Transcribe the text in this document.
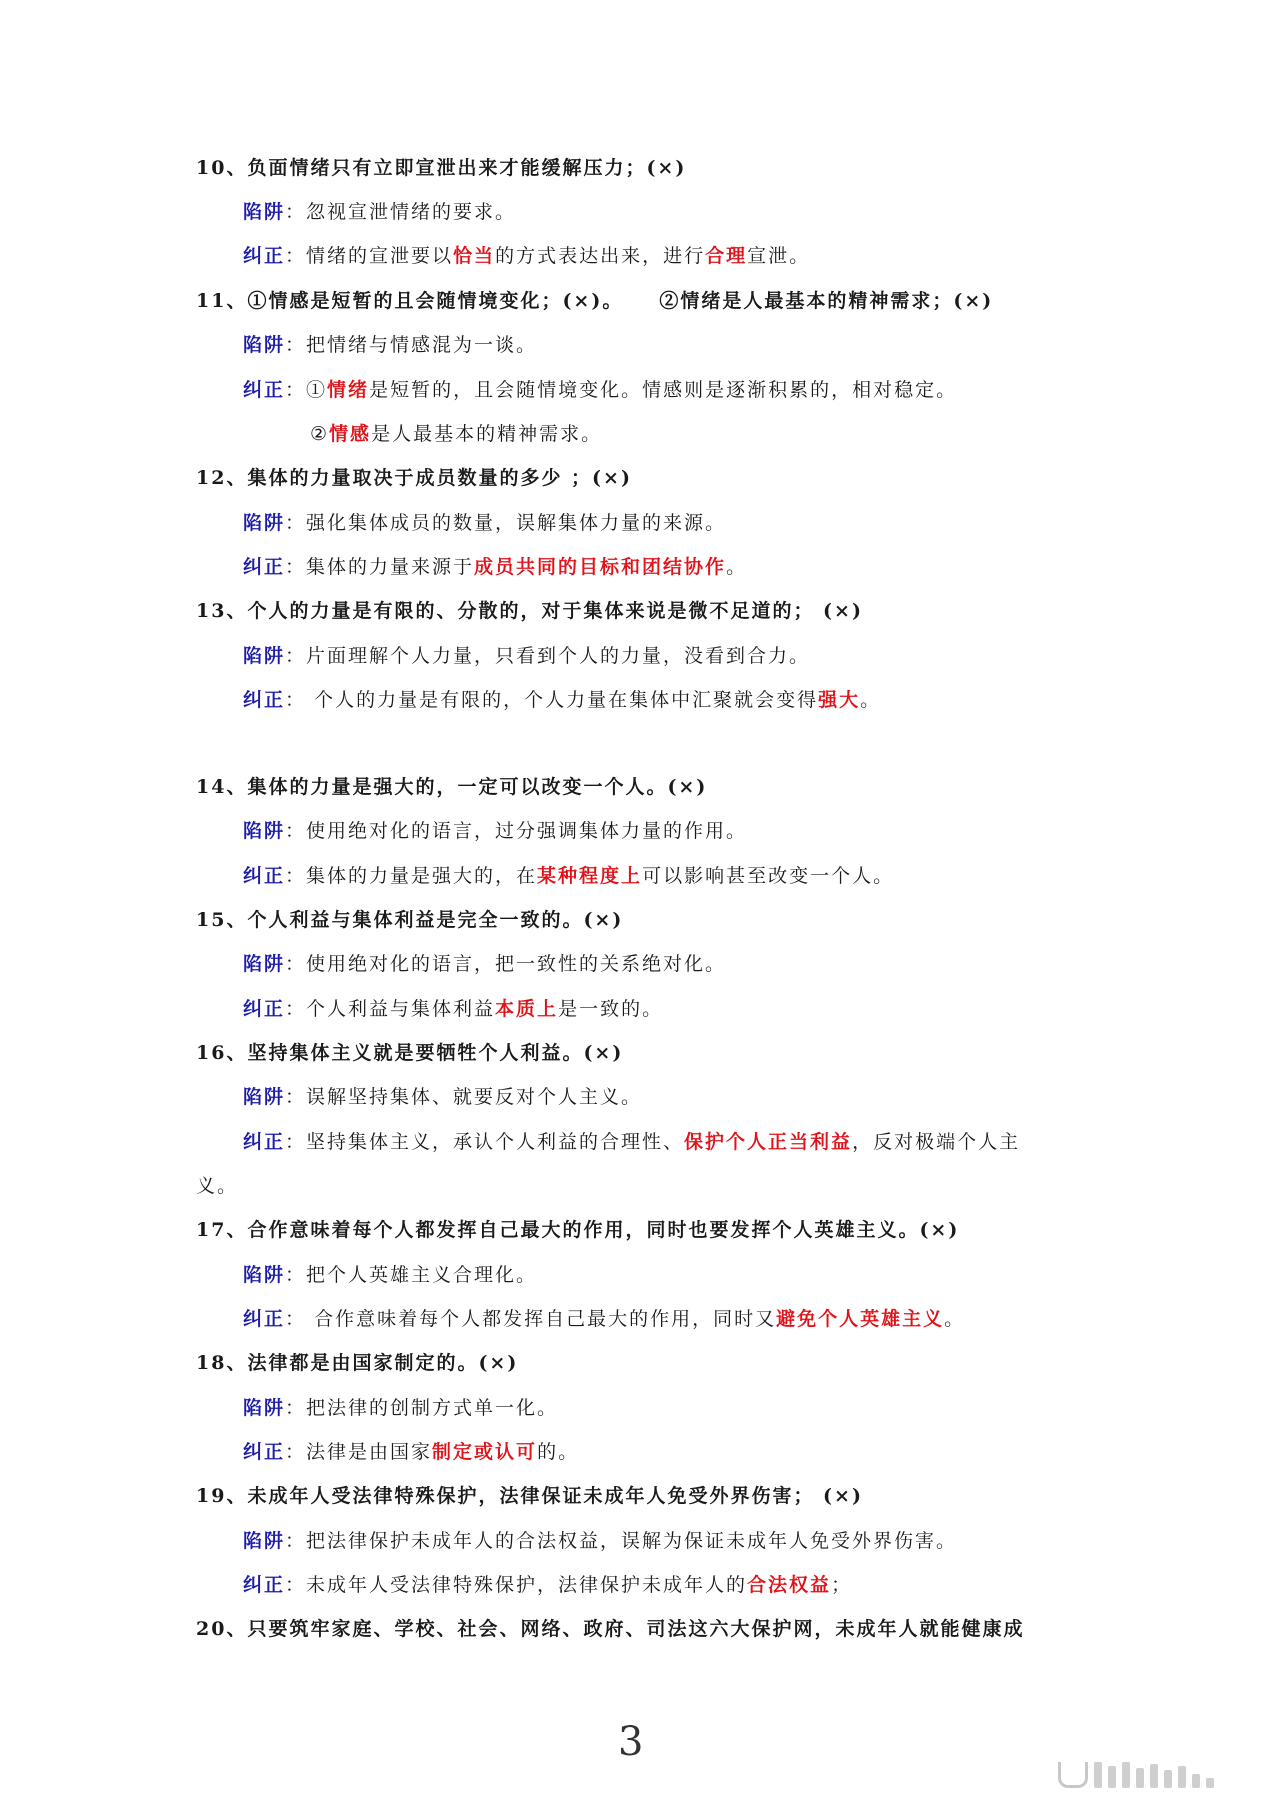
10、负面情绪只有立即宣泄出来才能缓解压力；(×)
陷阱：忽视宣泄情绪的要求。
纠正：情绪的宣泄要以恰当的方式表达出来，进行合理宣泄。
11、①情感是短暂的且会随情境变化；(×)。 ②情绪是人最基本的精神需求；(×)
陷阱：把情绪与情感混为一谈。
纠正：①情绪是短暂的，且会随情境变化。情感则是逐渐积累的，相对稳定。
②情感是人最基本的精神需求。
12、集体的力量取决于成员数量的多少 ；(×)
陷阱：强化集体成员的数量，误解集体力量的来源。
纠正：集体的力量来源于成员共同的目标和团结协作。
13、个人的力量是有限的、分散的，对于集体来说是微不足道的； (×)
陷阱：片面理解个人力量，只看到个人的力量，没看到合力。
纠正： 个人的力量是有限的，个人力量在集体中汇聚就会变得强大。
14、集体的力量是强大的，一定可以改变一个人。(×)
陷阱：使用绝对化的语言，过分强调集体力量的作用。
纠正：集体的力量是强大的，在某种程度上可以影响甚至改变一个人。
15、个人利益与集体利益是完全一致的。(×)
陷阱：使用绝对化的语言，把一致性的关系绝对化。
纠正：个人利益与集体利益本质上是一致的。
16、坚持集体主义就是要牺牲个人利益。(×)
陷阱：误解坚持集体、就要反对个人主义。
纠正：坚持集体主义，承认个人利益的合理性、保护个人正当利益，反对极端个人主
义。
17、合作意味着每个人都发挥自己最大的作用，同时也要发挥个人英雄主义。(×)
陷阱：把个人英雄主义合理化。
纠正： 合作意味着每个人都发挥自己最大的作用，同时又避免个人英雄主义。
18、法律都是由国家制定的。(×)
陷阱：把法律的创制方式单一化。
纠正：法律是由国家制定或认可的。
19、未成年人受法律特殊保护，法律保证未成年人免受外界伤害； (×)
陷阱：把法律保护未成年人的合法权益，误解为保证未成年人免受外界伤害。
纠正：未成年人受法律特殊保护，法律保护未成年人的合法权益；
20、只要筑牢家庭、学校、社会、网络、政府、司法这六大保护网，未成年人就能健康成
3
